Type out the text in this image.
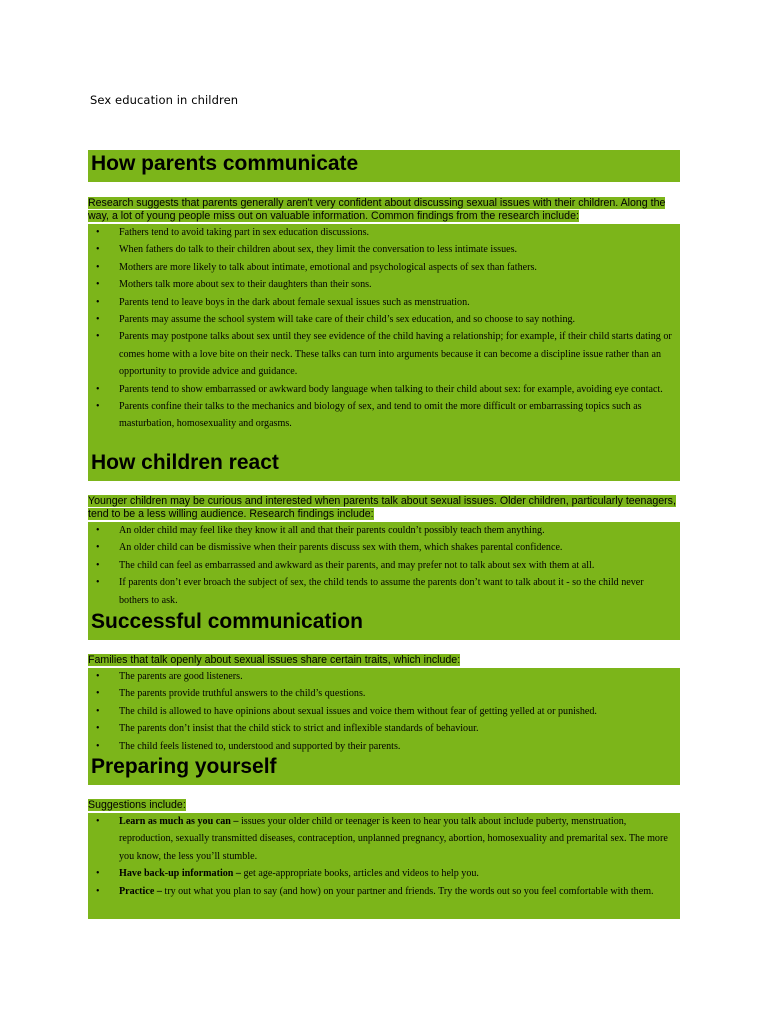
Sex education in children
How parents communicate
Research suggests that parents generally aren't very confident about discussing sexual issues with their children. Along the way, a lot of young people miss out on valuable information. Common findings from the research include:
• Fathers tend to avoid taking part in sex education discussions.
• When fathers do talk to their children about sex, they limit the conversation to less intimate issues.
• Mothers are more likely to talk about intimate, emotional and psychological aspects of sex than fathers.
• Mothers talk more about sex to their daughters than their sons.
• Parents tend to leave boys in the dark about female sexual issues such as menstruation.
• Parents may assume the school system will take care of their child’s sex education, and so choose to say nothing.
• Parents may postpone talks about sex until they see evidence of the child having a relationship; for example, if their child starts dating or comes home with a love bite on their neck. These talks can turn into arguments because it can become a discipline issue rather than an opportunity to provide advice and guidance.
• Parents tend to show embarrassed or awkward body language when talking to their child about sex: for example, avoiding eye contact.
• Parents confine their talks to the mechanics and biology of sex, and tend to omit the more difficult or embarrassing topics such as masturbation, homosexuality and orgasms.
How children react
Younger children may be curious and interested when parents talk about sexual issues. Older children, particularly teenagers, tend to be a less willing audience. Research findings include:
• An older child may feel like they know it all and that their parents couldn’t possibly teach them anything.
• An older child can be dismissive when their parents discuss sex with them, which shakes parental confidence.
• The child can feel as embarrassed and awkward as their parents, and may prefer not to talk about sex with them at all.
• If parents don’t ever broach the subject of sex, the child tends to assume the parents don’t want to talk about it - so the child never bothers to ask.
Successful communication
Families that talk openly about sexual issues share certain traits, which include:
• The parents are good listeners.
• The parents provide truthful answers to the child’s questions.
• The child is allowed to have opinions about sexual issues and voice them without fear of getting yelled at or punished.
• The parents don’t insist that the child stick to strict and inflexible standards of behaviour.
• The child feels listened to, understood and supported by their parents.
Preparing yourself
Suggestions include:
• Learn as much as you can – issues your older child or teenager is keen to hear you talk about include puberty, menstruation, reproduction, sexually transmitted diseases, contraception, unplanned pregnancy, abortion, homosexuality and premarital sex. The more you know, the less you’ll stumble.
• Have back-up information – get age-appropriate books, articles and videos to help you.
• Practice – try out what you plan to say (and how) on your partner and friends. Try the words out so you feel comfortable with them.
